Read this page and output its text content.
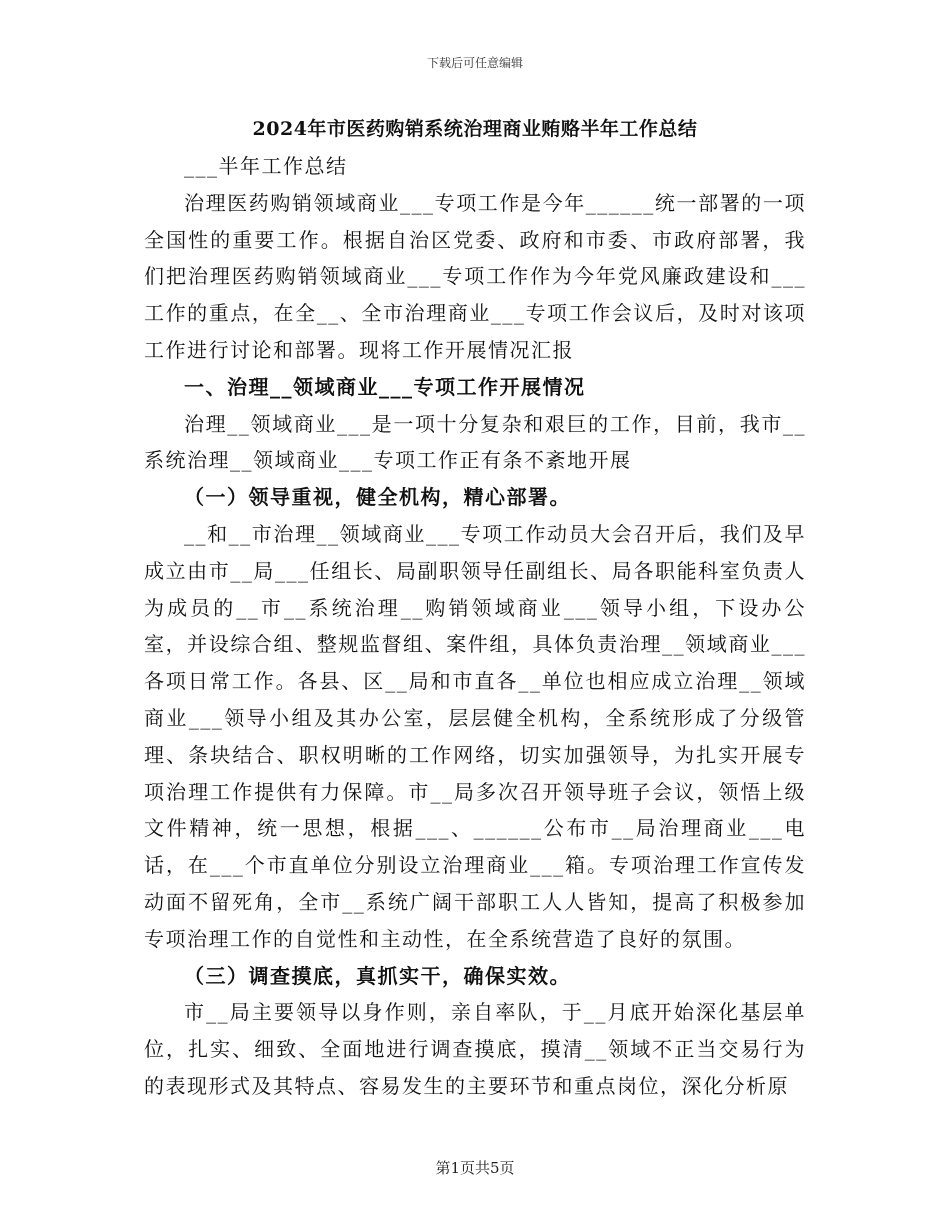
下载后可任意编辑
2024年市医药购销系统治理商业贿赂半年工作总结

___半年工作总结

治理医药购销领域商业___专项工作是今年______统一部署的一项全国性的重要工作。根据自治区党委、政府和市委、市政府部署，我们把治理医药购销领域商业___专项工作作为今年党风廉政建设和___工作的重点，在全__、全市治理商业___专项工作会议后，及时对该项工作进行讨论和部署。现将工作开展情况汇报

一、治理__领域商业___专项工作开展情况

治理__领域商业___是一项十分复杂和艰巨的工作，目前，我市__系统治理__领域商业___专项工作正有条不紊地开展

（一）领导重视，健全机构，精心部署。

__和__市治理__领域商业___专项工作动员大会召开后，我们及早成立由市__局___任组长、局副职领导任副组长、局各职能科室负责人为成员的__市__系统治理__购销领域商业___领导小组，下设办公室，并设综合组、整规监督组、案件组，具体负责治理__领域商业___各项日常工作。各县、区__局和市直各__单位也相应成立治理__领域商业___领导小组及其办公室，层层健全机构，全系统形成了分级管理、条块结合、职权明晰的工作网络，切实加强领导，为扎实开展专项治理工作提供有力保障。市__局多次召开领导班子会议，领悟上级文件精神，统一思想，根据___、______公布市__局治理商业___电话，在___个市直单位分别设立治理商业___箱。专项治理工作宣传发动面不留死角，全市__系统广阔干部职工人人皆知，提高了积极参加专项治理工作的自觉性和主动性，在全系统营造了良好的氛围。

（三）调查摸底，真抓实干，确保实效。

市__局主要领导以身作则，亲自率队，于__月底开始深化基层单位，扎实、细致、全面地进行调查摸底，摸清__领域不正当交易行为的表现形式及其特点、容易发生的主要环节和重点岗位，深化分析原

第1页共5页
